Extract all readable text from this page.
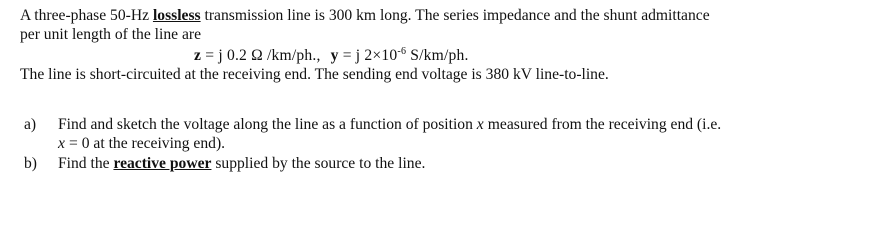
A three-phase 50-Hz lossless transmission line is 300 km long. The series impedance and the shunt admittance
per unit length of the line are
z = j 0.2 Ω /km/ph., y = j $2\times 10^{-6}$ S/km/ph.
The line is short-circuited at the receiving end. The sending end voltage is 380 kV line-to-line.
a) Find and sketch the voltage along the line as a function of position x measured from the receiving end (i.e.
x = 0 at the receiving end).
b) Find the reactive power supplied by the source to the line.
